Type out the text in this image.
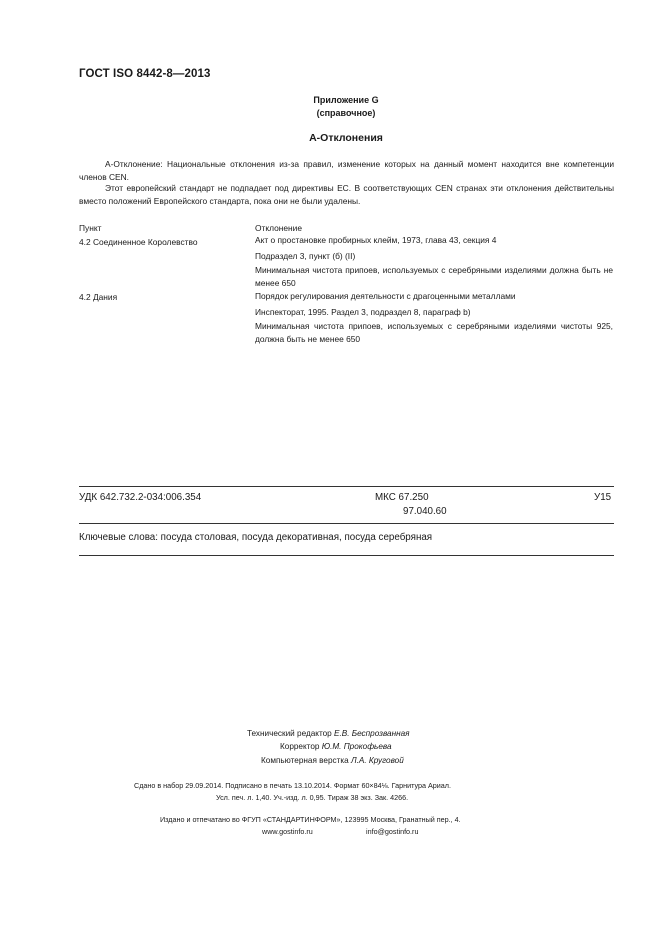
ГОСТ ISO 8442-8—2013
Приложение G
(справочное)
А-Отклонения
А-Отклонение: Национальные отклонения из-за правил, изменение которых на данный момент находится вне компетенции членов CEN.
Этот европейский стандарт не подпадает под директивы ЕС. В соответствующих CEN странах эти отклонения действительны вместо положений Европейского стандарта, пока они не были удалены.
Пункт	Отклонение
4.2 Соединенное Королевство	Акт о простановке пробирных клейм, 1973, глава 43, секция 4
Подраздел 3, пункт (б) (II)
Минимальная чистота припоев, используемых с серебряными изделиями должна быть не менее 650
4.2 Дания	Порядок регулирования деятельности с драгоценными металлами
Инспекторат, 1995. Раздел 3, подраздел 8, параграф b)
Минимальная чистота припоев, используемых с серебряными изделиями чистоты 925, должна быть не менее 650
УДК 642.732.2-034:006.354	МКС 67.250
97.040.60
У15
Ключевые слова: посуда столовая, посуда декоративная, посуда серебряная
Технический редактор Е.В. Беспрозванная
Корректор Ю.М. Прокофьева
Компьютерная верстка Л.А. Круговой
Сдано в набор 29.09.2014. Подписано в печать 13.10.2014. Формат 60×84⅛. Гарнитура Ариал.
Усл. печ. л. 1,40. Уч.-изд. л. 0,95. Тираж 38 экз. Зак. 4266.
Издано и отпечатано во ФГУП «СТАНДАРТИНФОРМ», 123995 Москва, Гранатный пер., 4.
www.gostinfo.ru	info@gostinfo.ru
